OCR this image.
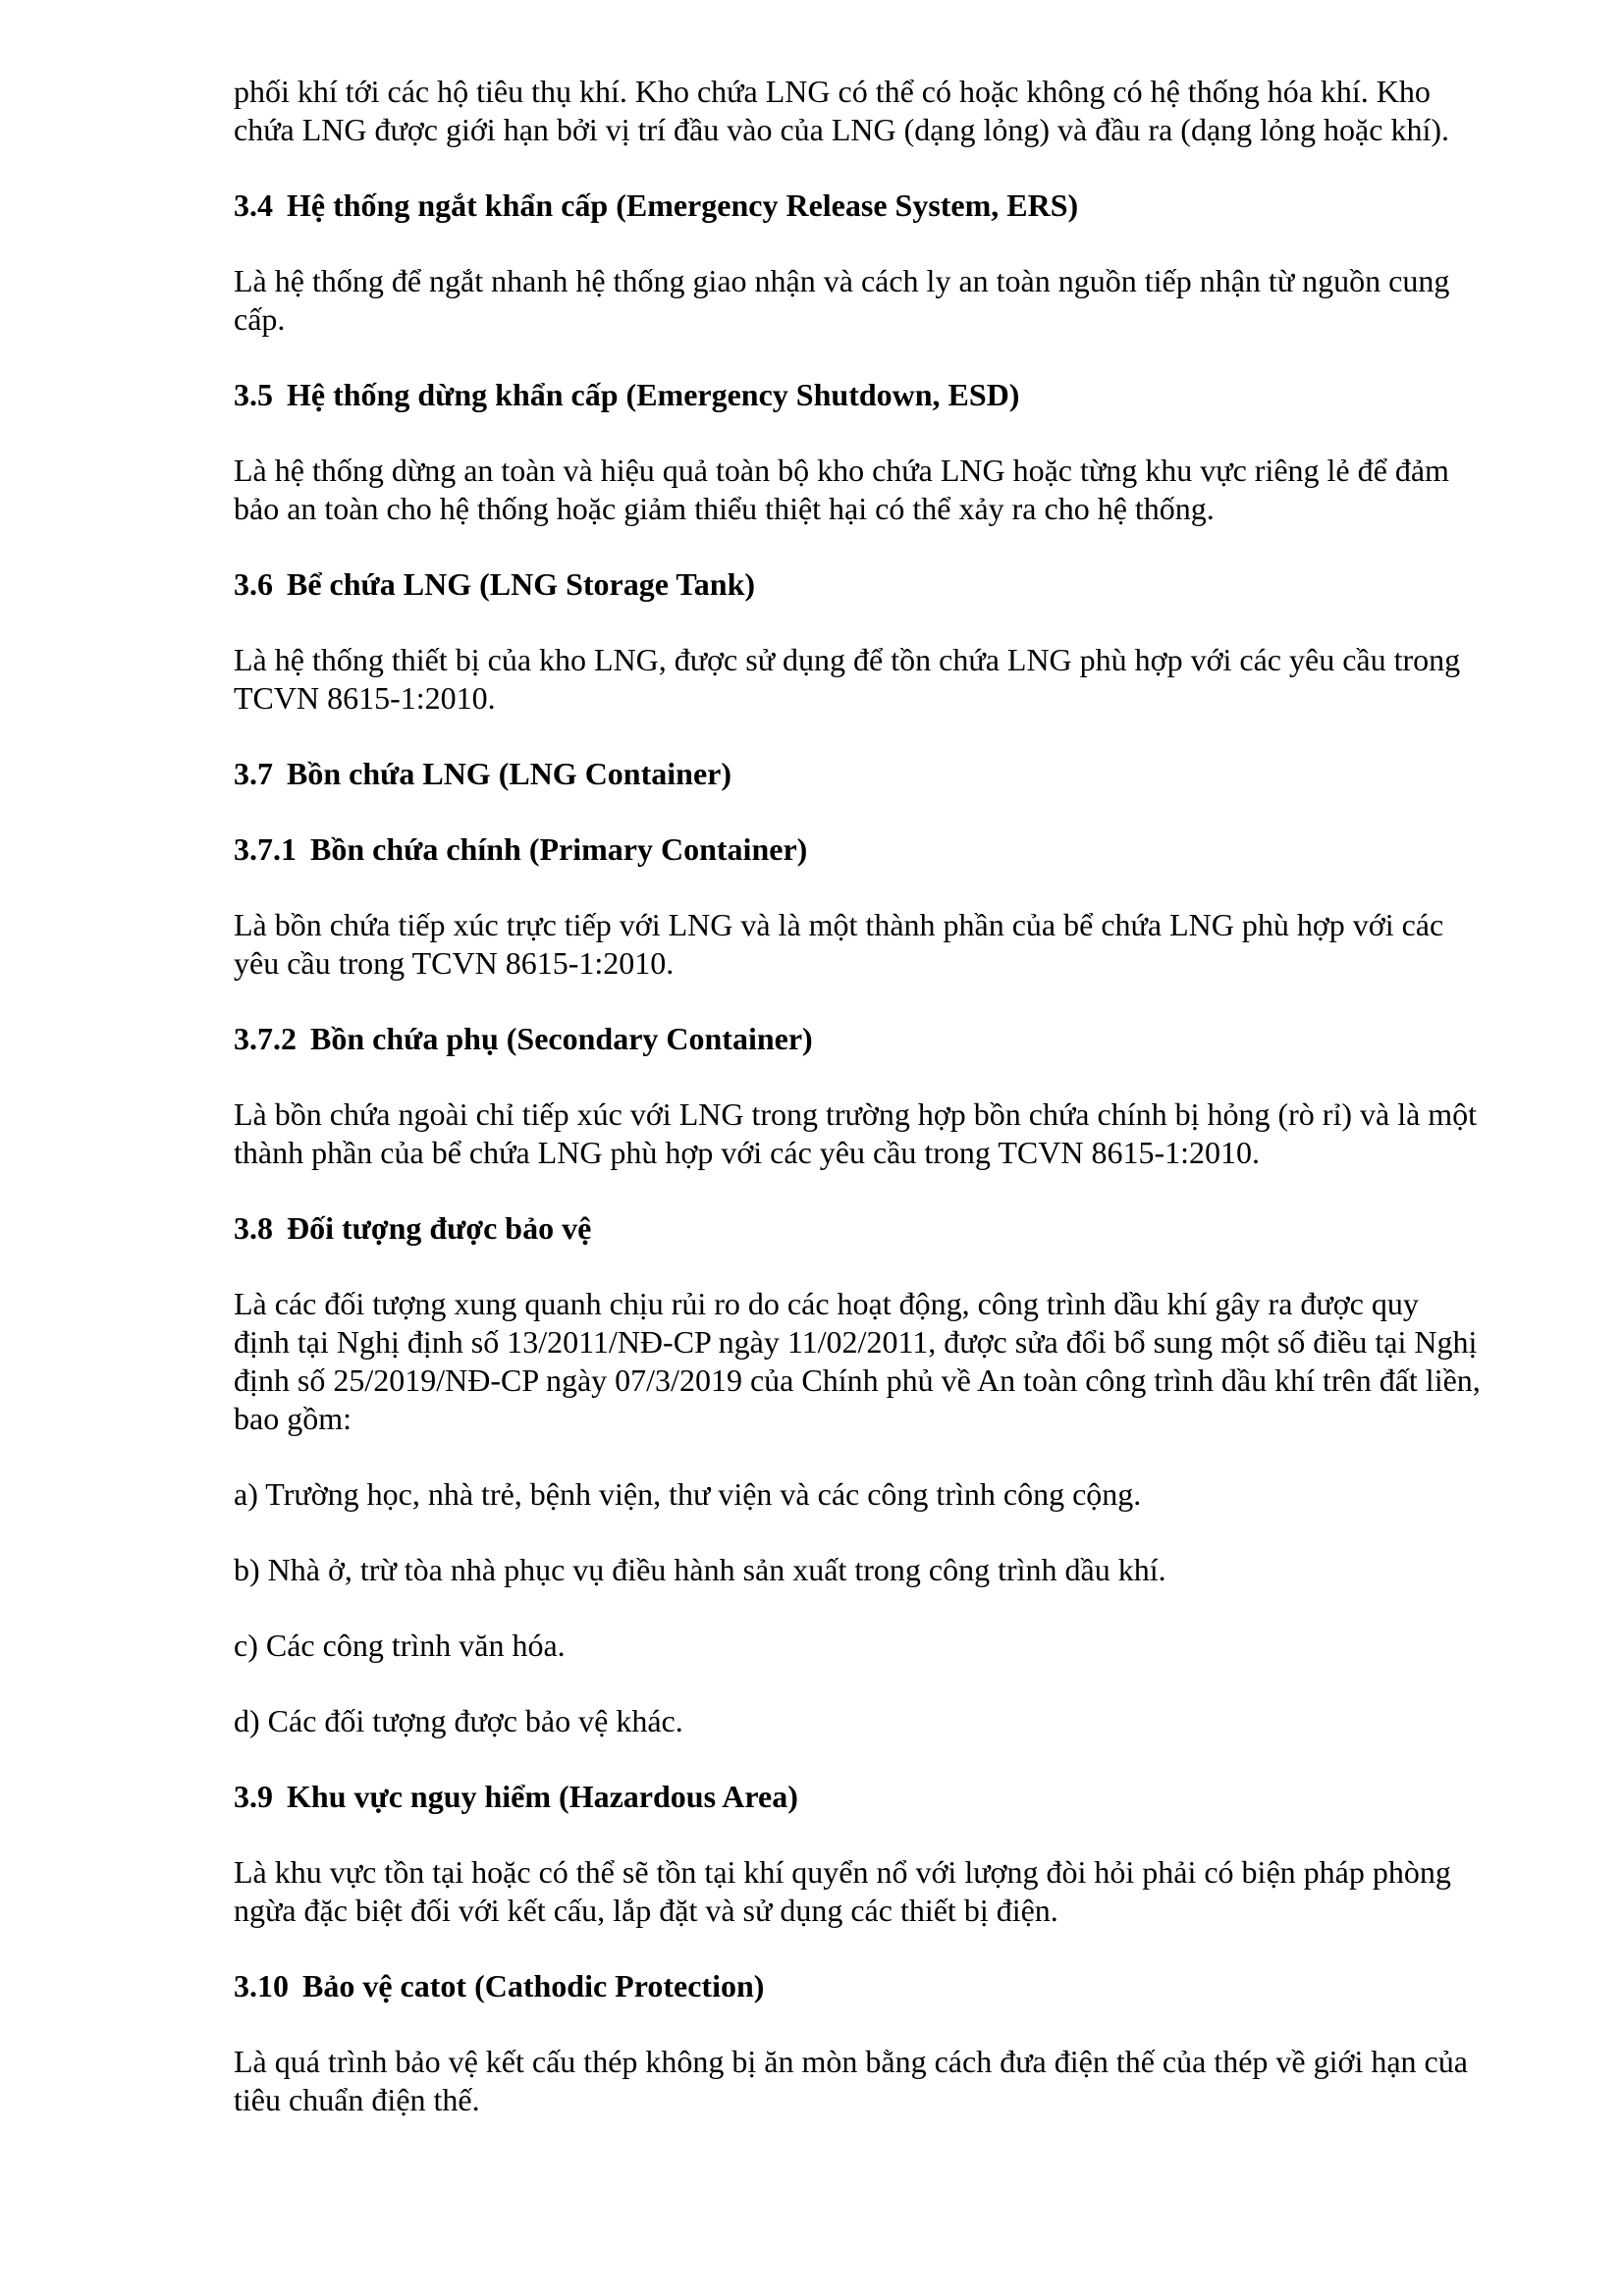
phối khí tới các hộ tiêu thụ khí. Kho chứa LNG có thể có hoặc không có hệ thống hóa khí. Kho chứa LNG được giới hạn bởi vị trí đầu vào của LNG (dạng lỏng) và đầu ra (dạng lỏng hoặc khí).

3.4 Hệ thống ngắt khẩn cấp (Emergency Release System, ERS)

Là hệ thống để ngắt nhanh hệ thống giao nhận và cách ly an toàn nguồn tiếp nhận từ nguồn cung cấp.

3.5 Hệ thống dừng khẩn cấp (Emergency Shutdown, ESD)

Là hệ thống dừng an toàn và hiệu quả toàn bộ kho chứa LNG hoặc từng khu vực riêng lẻ để đảm bảo an toàn cho hệ thống hoặc giảm thiểu thiệt hại có thể xảy ra cho hệ thống.

3.6 Bể chứa LNG (LNG Storage Tank)

Là hệ thống thiết bị của kho LNG, được sử dụng để tồn chứa LNG phù hợp với các yêu cầu trong TCVN 8615-1:2010.

3.7 Bồn chứa LNG (LNG Container)
3.7.1 Bồn chứa chính (Primary Container)

Là bồn chứa tiếp xúc trực tiếp với LNG và là một thành phần của bể chứa LNG phù hợp với các yêu cầu trong TCVN 8615-1:2010.

3.7.2 Bồn chứa phụ (Secondary Container)

Là bồn chứa ngoài chỉ tiếp xúc với LNG trong trường hợp bồn chứa chính bị hỏng (rò rỉ) và là một thành phần của bể chứa LNG phù hợp với các yêu cầu trong TCVN 8615-1:2010.

3.8 Đối tượng được bảo vệ

Là các đối tượng xung quanh chịu rủi ro do các hoạt động, công trình dầu khí gây ra được quy định tại Nghị định số 13/2011/NĐ-CP ngày 11/02/2011, được sửa đổi bổ sung một số điều tại Nghị định số 25/2019/NĐ-CP ngày 07/3/2019 của Chính phủ về An toàn công trình dầu khí trên đất liền, bao gồm:

a) Trường học, nhà trẻ, bệnh viện, thư viện và các công trình công cộng.

b) Nhà ở, trừ tòa nhà phục vụ điều hành sản xuất trong công trình dầu khí.

c) Các công trình văn hóa.

d) Các đối tượng được bảo vệ khác.

3.9 Khu vực nguy hiểm (Hazardous Area)

Là khu vực tồn tại hoặc có thể sẽ tồn tại khí quyển nổ với lượng đòi hỏi phải có biện pháp phòng ngừa đặc biệt đối với kết cấu, lắp đặt và sử dụng các thiết bị điện.

3.10 Bảo vệ catot (Cathodic Protection)

Là quá trình bảo vệ kết cấu thép không bị ăn mòn bằng cách đưa điện thế của thép về giới hạn của tiêu chuẩn điện thế.
